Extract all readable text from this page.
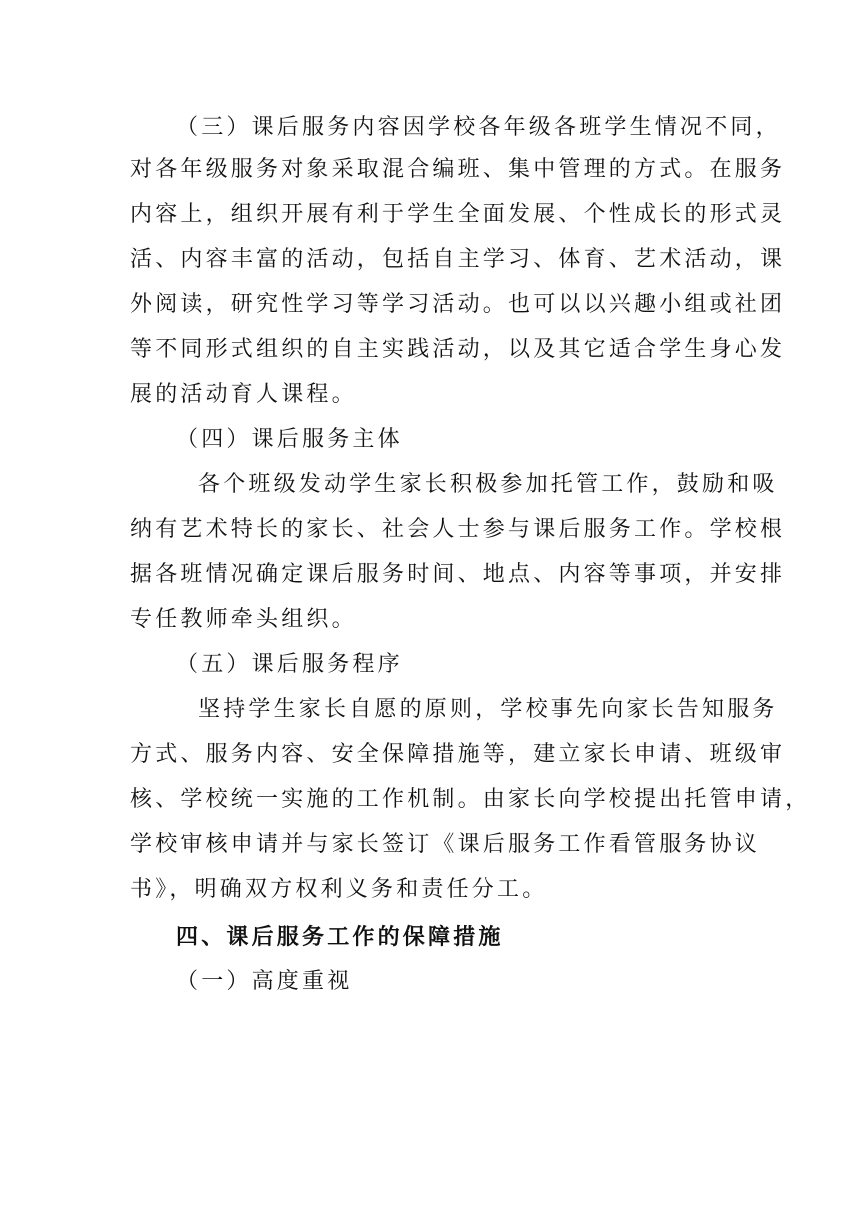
（三）课后服务内容因学校各年级各班学生情况不同，
对各年级服务对象采取混合编班、集中管理的方式。在服务
内容上，组织开展有利于学生全面发展、个性成长的形式灵
活、内容丰富的活动，包括自主学习、体育、艺术活动，课
外阅读，研究性学习等学习活动。也可以以兴趣小组或社团
等不同形式组织的自主实践活动，以及其它适合学生身心发
展的活动育人课程。
（四）课后服务主体
各个班级发动学生家长积极参加托管工作，鼓励和吸
纳有艺术特长的家长、社会人士参与课后服务工作。学校根
据各班情况确定课后服务时间、地点、内容等事项，并安排
专任教师牵头组织。
（五）课后服务程序
坚持学生家长自愿的原则，学校事先向家长告知服务
方式、服务内容、安全保障措施等，建立家长申请、班级审
核、学校统一实施的工作机制。由家长向学校提出托管申请，
学校审核申请并与家长签订《课后服务工作看管服务协议
书》，明确双方权利义务和责任分工。
四、课后服务工作的保障措施
（一）高度重视
